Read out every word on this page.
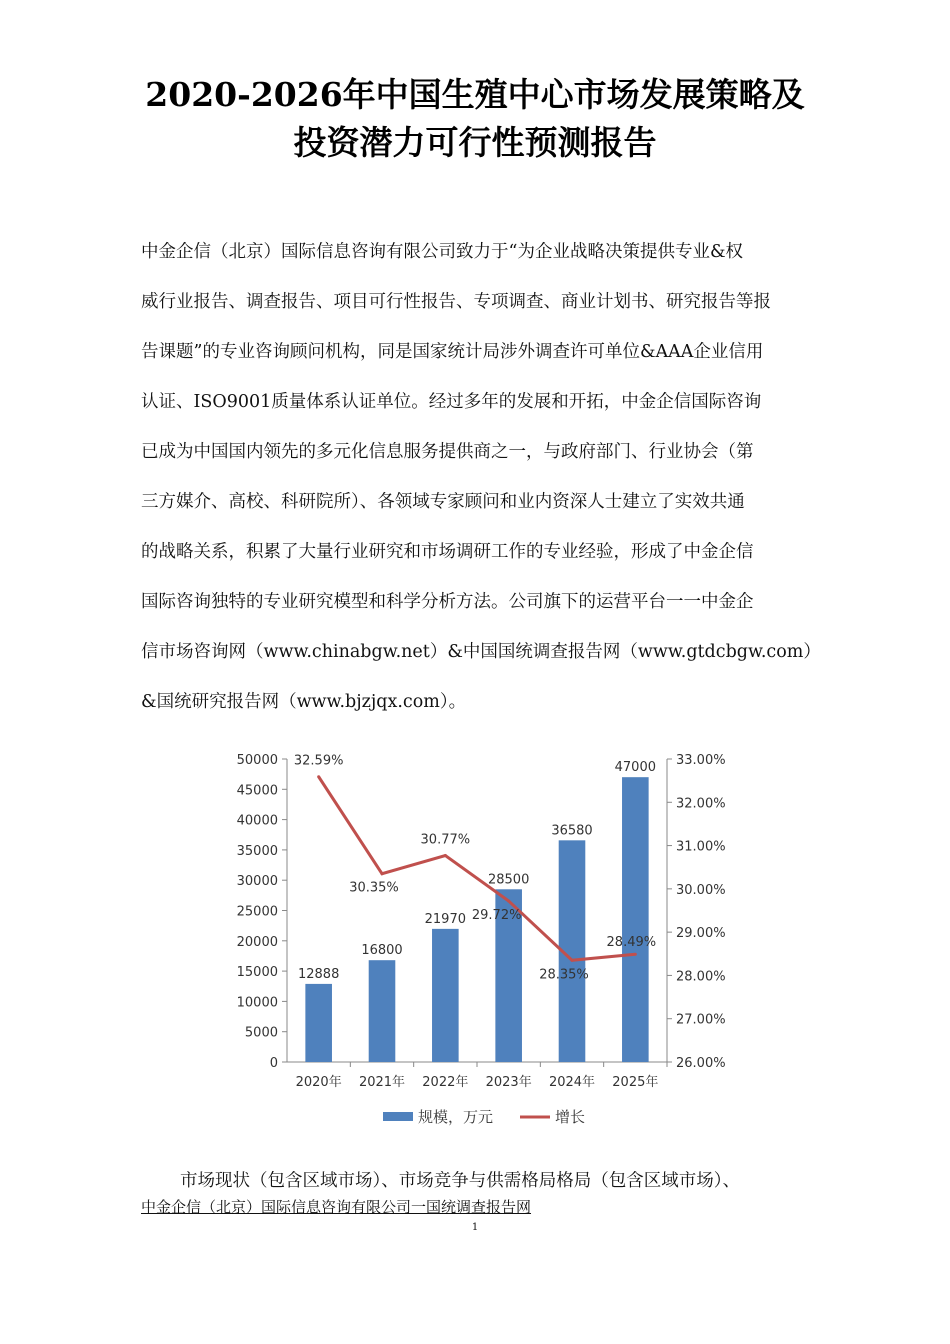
2020-2026年中国生殖中心市场发展策略及
投资潜力可行性预测报告
中金企信（北京）国际信息咨询有限公司致力于“为企业战略决策提供专业&权
威行业报告、调查报告、项目可行性报告、专项调查、商业计划书、研究报告等报
告课题”的专业咨询顾问机构，同是国家统计局涉外调查许可单位&AAA企业信用
认证、ISO9001质量体系认证单位。经过多年的发展和开拓，中金企信国际咨询
已成为中国国内领先的多元化信息服务提供商之一，与政府部门、行业协会（第
三方媒介、高校、科研院所）、各领域专家顾问和业内资深人士建立了实效共通
的战略关系，积累了大量行业研究和市场调研工作的专业经验，形成了中金企信
国际咨询独特的专业研究模型和科学分析方法。公司旗下的运营平台一一中金企
信市场咨询网（www.chinabgw.net）&中国国统调查报告网（www.gtdcbgw.com）
&国统研究报告网（www.bjzjqx.com）。
0
5000
10000
15000
20000
25000
30000
35000
40000
45000
50000
26.00%
27.00%
28.00%
29.00%
30.00%
31.00%
32.00%
33.00%
2020年
12888
2021年
16800
2022年
21970
2023年
28500
2024年
36580
2025年
47000
32.59%
30.35%
30.77%
29.72%
28.35%
28.49%
规模，万元	增长
市场现状（包含区域市场）、市场竞争与供需格局格局（包含区域市场）、
中金企信（北京）国际信息咨询有限公司一国统调查报告网
1
